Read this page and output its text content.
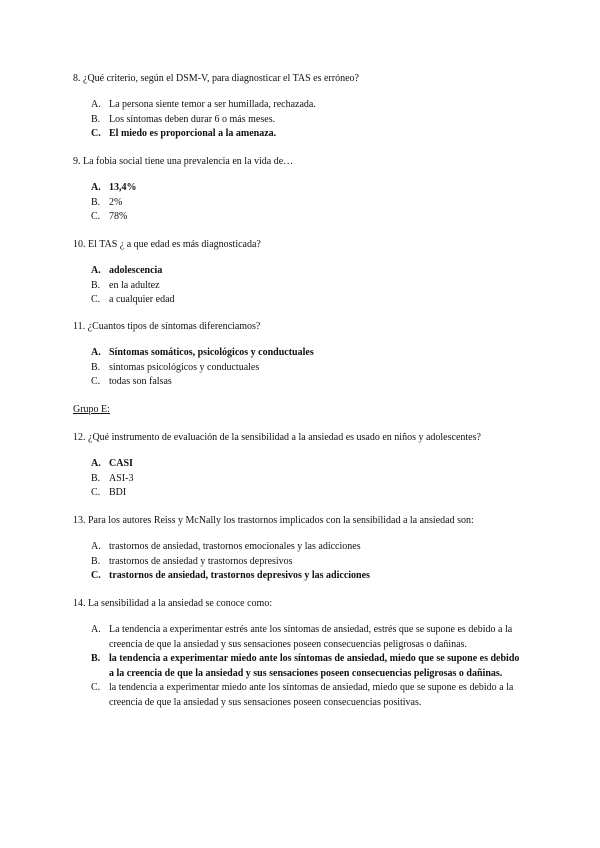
8. ¿Qué criterio, según el DSM-V, para diagnosticar el TAS es erróneo?
A. La persona siente temor a ser humillada, rechazada.
B. Los síntomas deben durar 6 o más meses.
C. El miedo es proporcional a la amenaza.
9. La fobia social tiene una prevalencia en la vida de…
A. 13,4%
B. 2%
C. 78%
10. El TAS ¿ a que edad es más diagnosticada?
A. adolescencia
B. en la adultez
C. a cualquier edad
11. ¿Cuantos tipos de síntomas diferenciamos?
A. Síntomas somáticos, psicológicos y conductuales
B. síntomas psicológicos y conductuales
C. todas son falsas
Grupo E:
12. ¿Qué instrumento de evaluación de la sensibilidad a la ansiedad es usado en niños y adolescentes?
A. CASI
B. ASI-3
C. BDI
13. Para los autores Reiss y McNally los trastornos implicados con la sensibilidad a la ansiedad son:
A. trastornos de ansiedad, trastornos emocionales y las adicciones
B. trastornos de ansiedad y trastornos depresivos
C. trastornos de ansiedad, trastornos depresivos y las adicciones
14. La sensibilidad a la ansiedad se conoce como:
A. La tendencia a experimentar estrés ante los síntomas de ansiedad, estrés que se supone es debido a la creencia de que la ansiedad y sus sensaciones poseen consecuencias peligrosas o dañinas.
B. la tendencia a experimentar miedo ante los síntomas de ansiedad, miedo que se supone es debido a la creencia de que la ansiedad y sus sensaciones poseen consecuencias peligrosas o dañinas.
C. la tendencia a experimentar miedo ante los síntomas de ansiedad, miedo que se supone es debido a la creencia de que la ansiedad y sus sensaciones poseen consecuencias positivas.
